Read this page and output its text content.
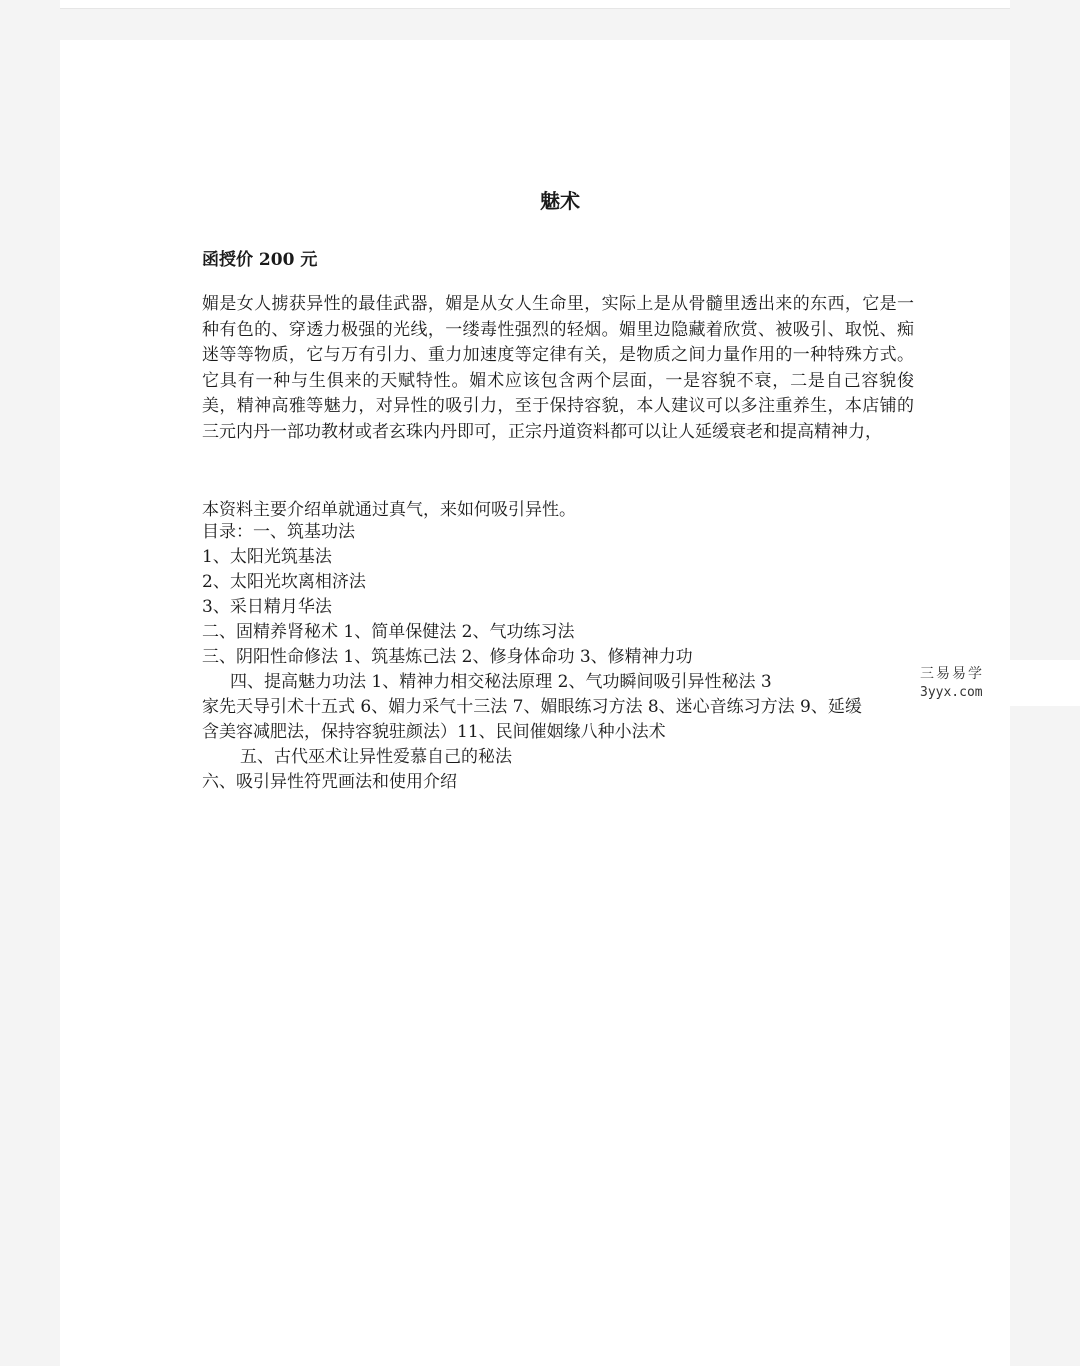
魅术
函授价 200 元

媚是女人掳获异性的最佳武器，媚是从女人生命里，实际上是从骨髓里透出来的东西，它是一种有色的、穿透力极强的光线，一缕毒性强烈的轻烟。媚里边隐藏着欣赏、被吸引、取悦、痴迷等等物质，它与万有引力、重力加速度等定律有关，是物质之间力量作用的一种特殊方式。它具有一种与生俱来的天赋特性。媚术应该包含两个层面，一是容貌不衰，二是自己容貌俊美，精神高雅等魅力，对异性的吸引力，至于保持容貌，本人建议可以多注重养生，本店铺的三元内丹一部功教材或者玄珠内丹即可，正宗丹道资料都可以让人延缓衰老和提高精神力，

本资料主要介绍单就通过真气，来如何吸引异性。
目录：一、筑基功法
1、太阳光筑基法
2、太阳光坎离相济法
3、采日精月华法
二、固精养肾秘术 1、简单保健法 2、气功练习法
三、阴阳性命修法 1、筑基炼己法 2、修身体命功 3、修精神力功
四、提高魅力功法 1、精神力相交秘法原理 2、气功瞬间吸引异性秘法 3
家先天导引术十五式 6、媚力采气十三法 7、媚眼练习方法 8、迷心音练习方法 9、延缓
含美容减肥法，保持容貌驻颜法）11、民间催姻缘八种小法术
五、古代巫术让异性爱慕自己的秘法
六、吸引异性符咒画法和使用介绍
三易易学
3yyx.com
